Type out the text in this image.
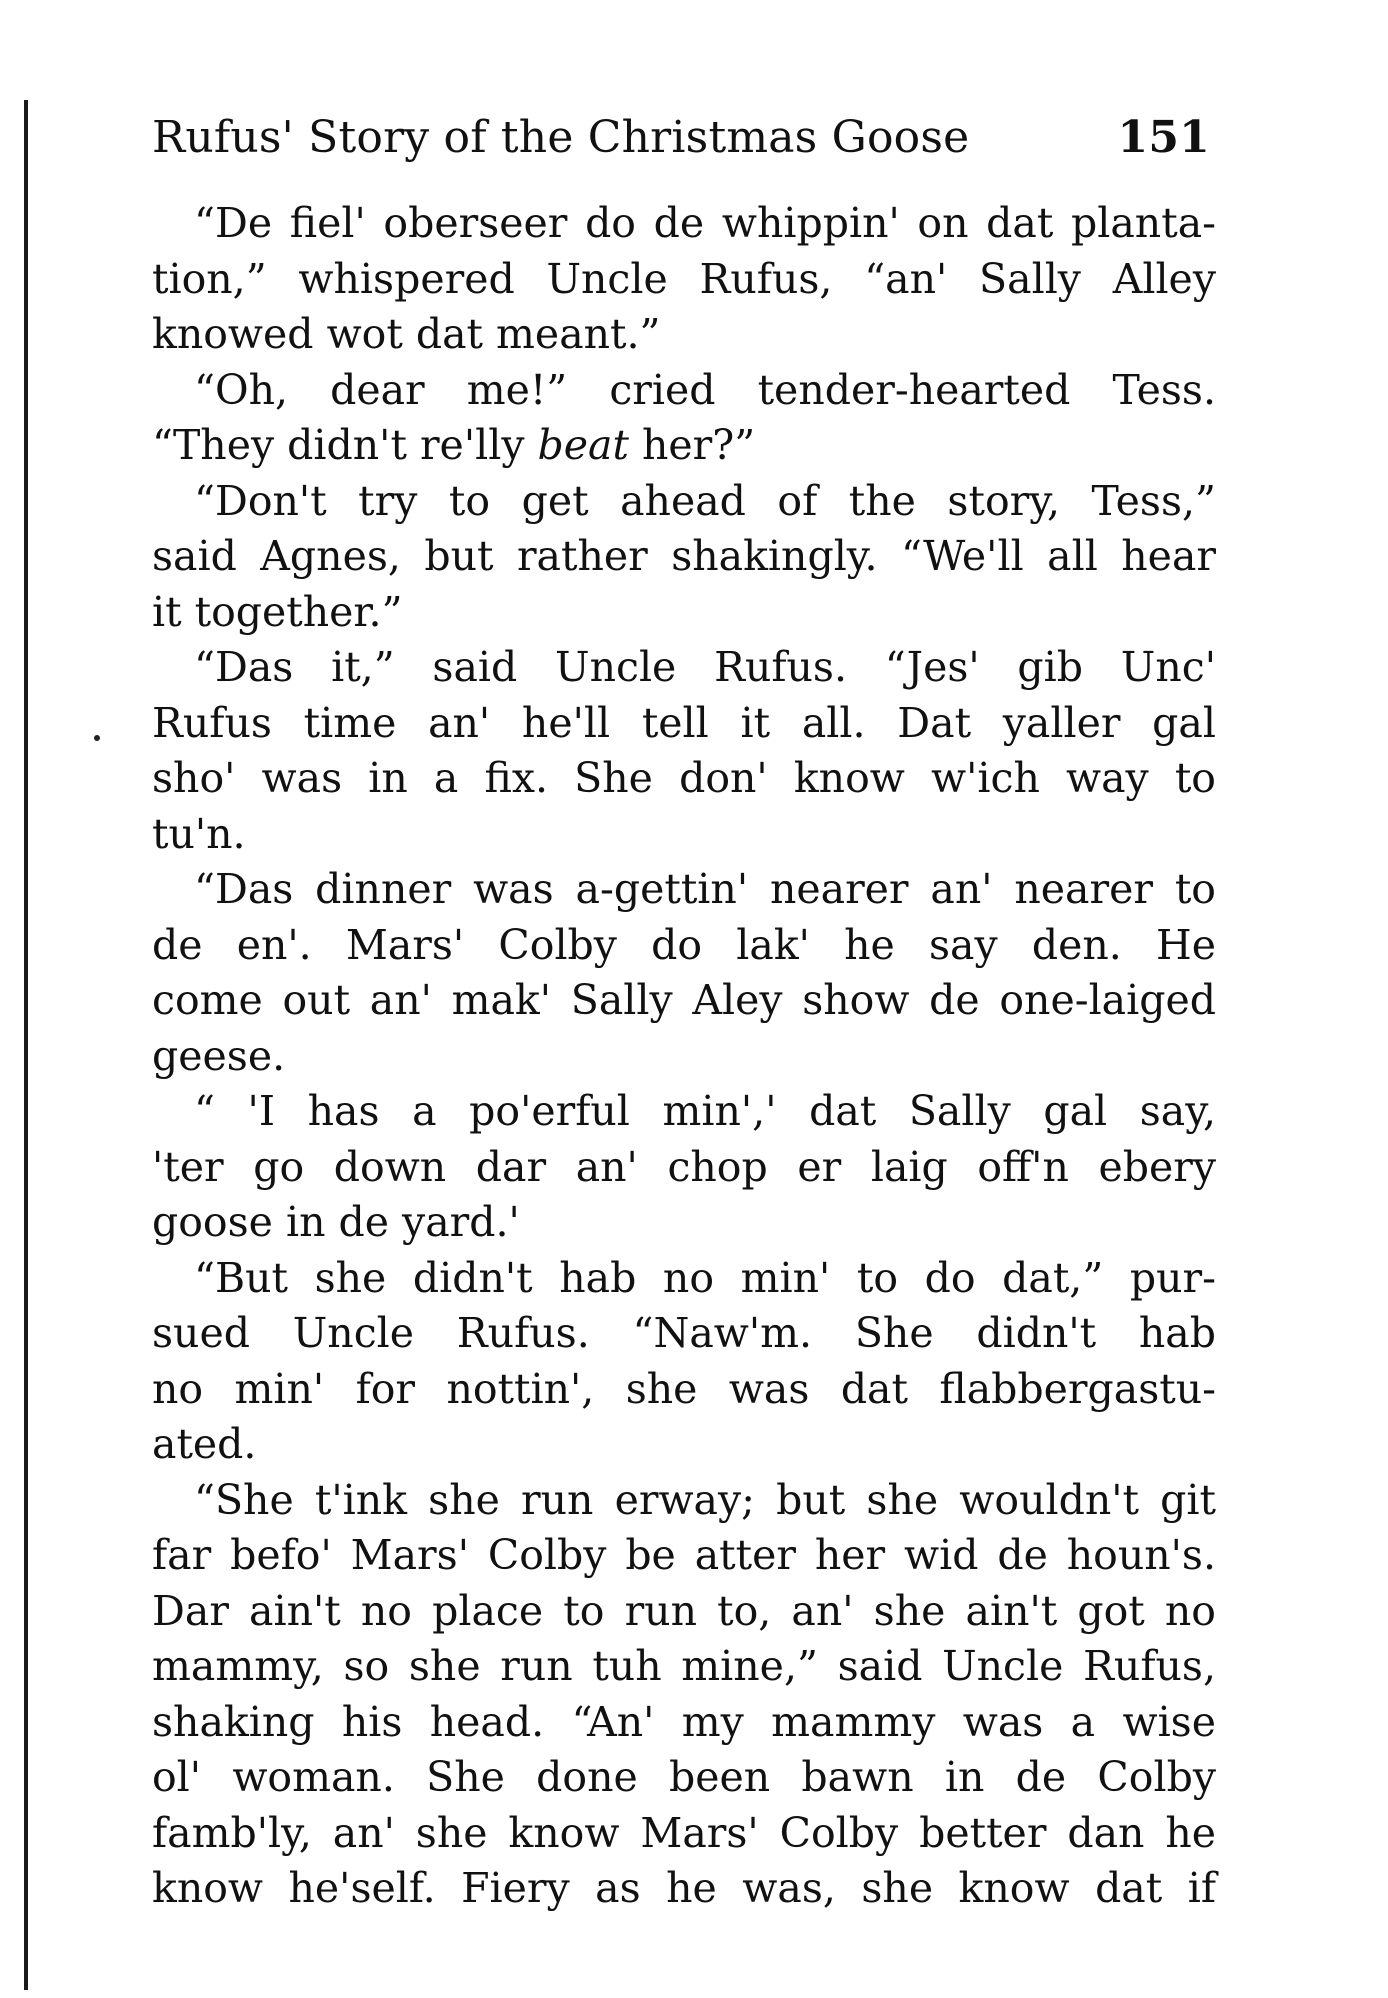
Rufus' Story of the Christmas Goose	151
“De fiel' oberseer do de whippin' on dat planta-
tion,” whispered Uncle Rufus, “an' Sally Alley
knowed wot dat meant.”
“Oh, dear me!” cried tender-hearted Tess.
“They didn't re'lly beat her?”
“Don't try to get ahead of the story, Tess,”
said Agnes, but rather shakingly. “We'll all hear
it together.”
“Das it,” said Uncle Rufus. “Jes' gib Unc'
Rufus time an' he'll tell it all. Dat yaller gal
sho' was in a fix. She don' know w'ich way to
tu'n.
“Das dinner was a-gettin' nearer an' nearer to
de en'. Mars' Colby do lak' he say den. He
come out an' mak' Sally Aley show de one-laiged
geese.
“ 'I has a po'erful min',' dat Sally gal say,
'ter go down dar an' chop er laig off'n ebery
goose in de yard.'
“But she didn't hab no min' to do dat,” pur-
sued Uncle Rufus. “Naw'm. She didn't hab
no min' for nottin', she was dat flabbergastu-
ated.
“She t'ink she run erway; but she wouldn't git
far befo' Mars' Colby be atter her wid de houn's.
Dar ain't no place to run to, an' she ain't got no
mammy, so she run tuh mine,” said Uncle Rufus,
shaking his head. “An' my mammy was a wise
ol' woman. She done been bawn in de Colby
famb'ly, an' she know Mars' Colby better dan he
know he'self. Fiery as he was, she know dat if
